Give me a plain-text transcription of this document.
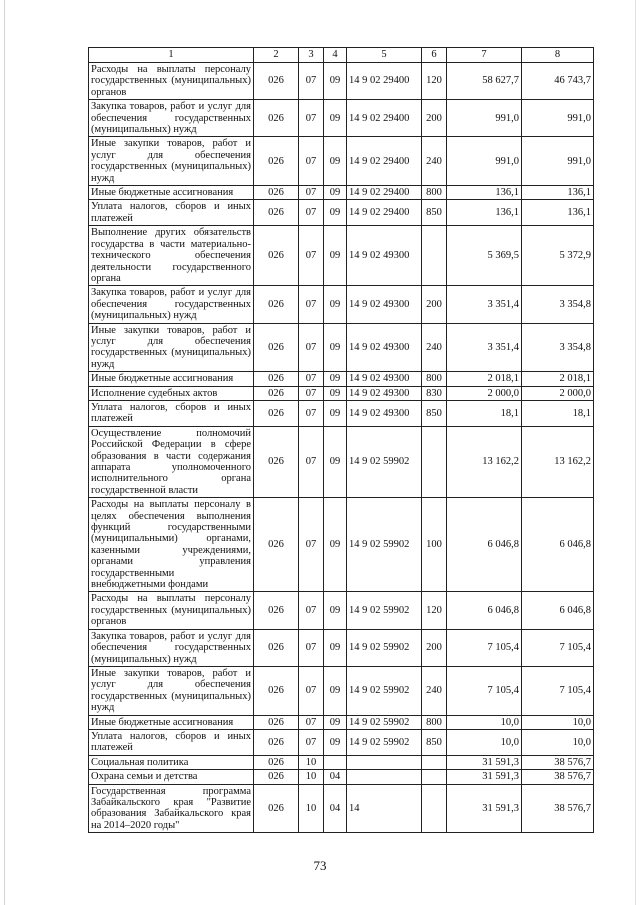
1	2	3	4	5	6	7	8
Расходы на выплаты персоналу государственных (муниципальных) органов	026	07	09	14 9 02 29400	120	58 627,7	46 743,7
Закупка товаров, работ и услуг для обеспечения государственных (муниципальных) нужд	026	07	09	14 9 02 29400	200	991,0	991,0
Иные закупки товаров, работ и услуг для обеспечения государственных (муниципальных) нужд	026	07	09	14 9 02 29400	240	991,0	991,0
Иные бюджетные ассигнования	026	07	09	14 9 02 29400	800	136,1	136,1
Уплата налогов, сборов и иных платежей	026	07	09	14 9 02 29400	850	136,1	136,1
Выполнение других обязательств государства в части материально-технического обеспечения деятельности государственного органа	026	07	09	14 9 02 49300		5 369,5	5 372,9
Закупка товаров, работ и услуг для обеспечения государственных (муниципальных) нужд	026	07	09	14 9 02 49300	200	3 351,4	3 354,8
Иные закупки товаров, работ и услуг для обеспечения государственных (муниципальных) нужд	026	07	09	14 9 02 49300	240	3 351,4	3 354,8
Иные бюджетные ассигнования	026	07	09	14 9 02 49300	800	2 018,1	2 018,1
Исполнение судебных актов	026	07	09	14 9 02 49300	830	2 000,0	2 000,0
Уплата налогов, сборов и иных платежей	026	07	09	14 9 02 49300	850	18,1	18,1
Осуществление полномочий Российской Федерации в сфере образования в части содержания аппарата уполномоченного исполнительного органа государственной власти	026	07	09	14 9 02 59902		13 162,2	13 162,2
Расходы на выплаты персоналу в целях обеспечения выполнения функций государственными (муниципальными) органами, казенными учреждениями, органами управления государственными внебюджетными фондами	026	07	09	14 9 02 59902	100	6 046,8	6 046,8
Расходы на выплаты персоналу государственных (муниципальных) органов	026	07	09	14 9 02 59902	120	6 046,8	6 046,8
Закупка товаров, работ и услуг для обеспечения государственных (муниципальных) нужд	026	07	09	14 9 02 59902	200	7 105,4	7 105,4
Иные закупки товаров, работ и услуг для обеспечения государственных (муниципальных) нужд	026	07	09	14 9 02 59902	240	7 105,4	7 105,4
Иные бюджетные ассигнования	026	07	09	14 9 02 59902	800	10,0	10,0
Уплата налогов, сборов и иных платежей	026	07	09	14 9 02 59902	850	10,0	10,0
Социальная политика	026	10				31 591,3	38 576,7
Охрана семьи и детства	026	10	04			31 591,3	38 576,7
Государственная программа Забайкальского края "Развитие образования Забайкальского края на 2014–2020 годы"	026	10	04	14		31 591,3	38 576,7
73
